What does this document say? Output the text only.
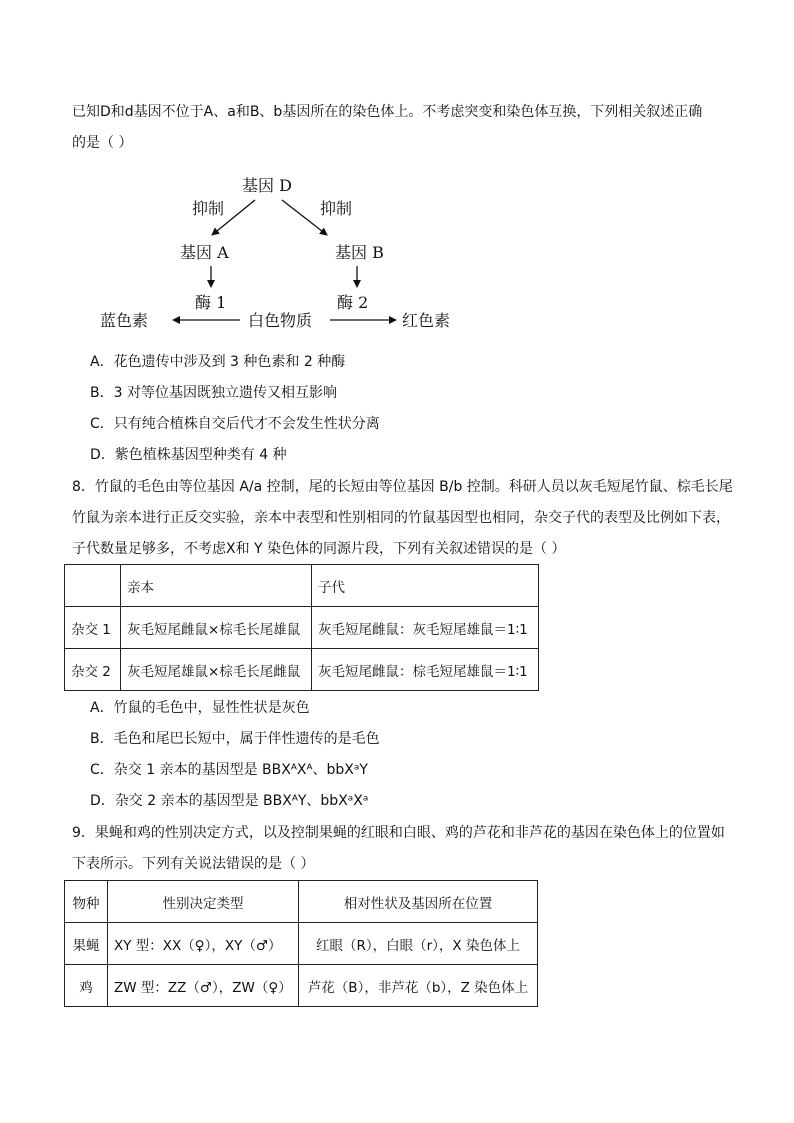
已知D和d基因不位于A、a和B、b基因所在的染色体上。不考虑突变和染色体互换，下列相关叙述正确
的是（ ）
基因 D
抑制	抑制
基因 A	基因 B
酶 1	酶 2
蓝色素	白色物质	红色素
A．花色遗传中涉及到 3 种色素和 2 种酶
B．3 对等位基因既独立遗传又相互影响
C．只有纯合植株自交后代才不会发生性状分离
D．紫色植株基因型种类有 4 种
8．竹鼠的毛色由等位基因 A/a 控制，尾的长短由等位基因 B/b 控制。科研人员以灰毛短尾竹鼠、棕毛长尾
竹鼠为亲本进行正反交实验，亲本中表型和性别相同的竹鼠基因型也相同，杂交子代的表型及比例如下表，
子代数量足够多，不考虑X和 Y 染色体的同源片段，下列有关叙述错误的是（ ）
	亲本	子代
杂交 1	灰毛短尾雌鼠×棕毛长尾雄鼠	灰毛短尾雌鼠：灰毛短尾雄鼠＝1∶1
杂交 2	灰毛短尾雄鼠×棕毛长尾雌鼠	灰毛短尾雌鼠：棕毛短尾雄鼠＝1∶1
A．竹鼠的毛色中，显性性状是灰色
B．毛色和尾巴长短中，属于伴性遗传的是毛色
C．杂交 1 亲本的基因型是 BBXᴬXᴬ、bbXᵃY
D．杂交 2 亲本的基因型是 BBXᴬY、bbXᵃXᵃ
9．果蝇和鸡的性别决定方式，以及控制果蝇的红眼和白眼、鸡的芦花和非芦花的基因在染色体上的位置如
下表所示。下列有关说法错误的是（ ）
物种	性别决定类型	相对性状及基因所在位置
果蝇	XY 型：XX（♀），XY（♂）	红眼（R），白眼（r），X 染色体上
鸡	ZW 型：ZZ（♂），ZW（♀）	芦花（B），非芦花（b），Z 染色体上
